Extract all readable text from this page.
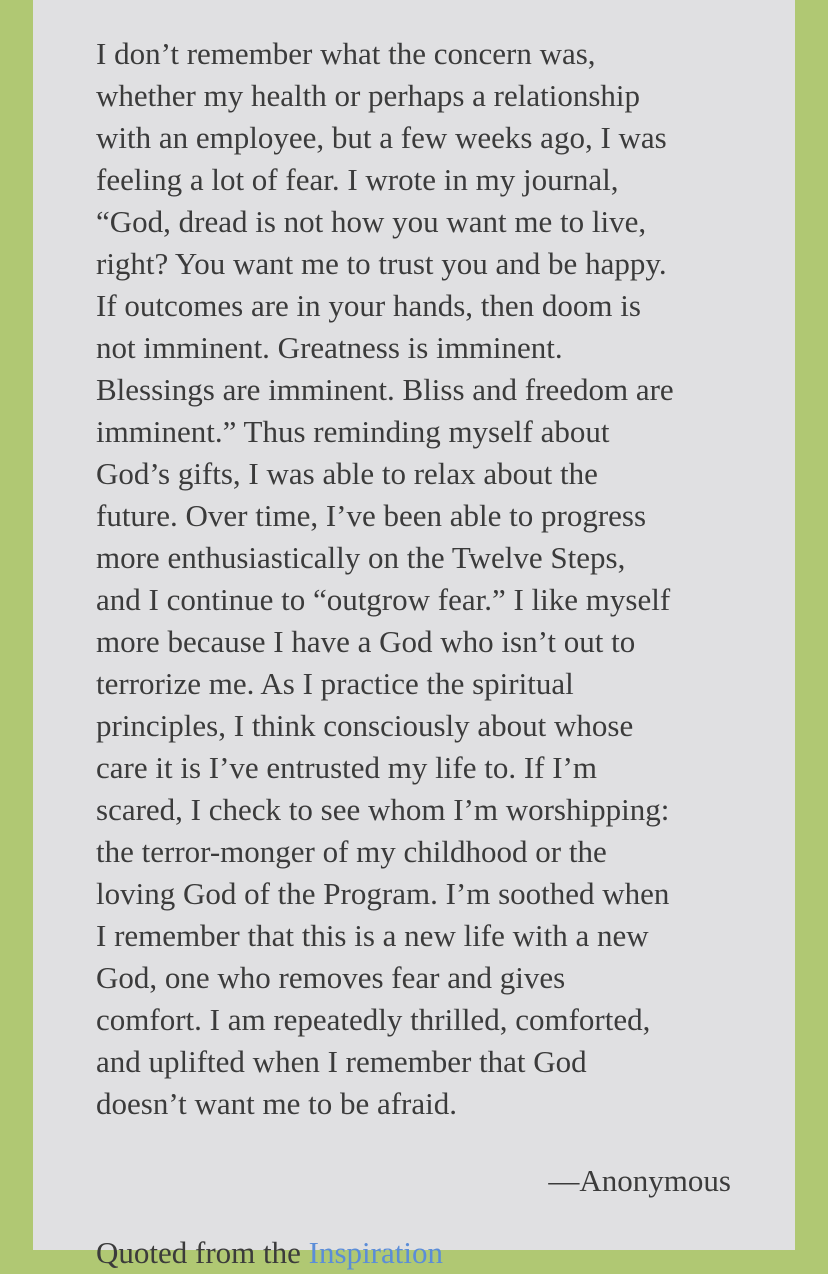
I don’t remember what the concern was,
whether my health or perhaps a relationship
with an employee, but a few weeks ago, I was
feeling a lot of fear. I wrote in my journal,
“God, dread is not how you want me to live,
right? You want me to trust you and be happy.
If outcomes are in your hands, then doom is
not imminent. Greatness is imminent.
Blessings are imminent. Bliss and freedom are
imminent.” Thus reminding myself about
God’s gifts, I was able to relax about the
future. Over time, I’ve been able to progress
more enthusiastically on the Twelve Steps,
and I continue to “outgrow fear.” I like myself
more because I have a God who isn’t out to
terrorize me. As I practice the spiritual
principles, I think consciously about whose
care it is I’ve entrusted my life to. If I’m
scared, I check to see whom I’m worshipping:
the terror-monger of my childhood or the
loving God of the Program. I’m soothed when
I remember that this is a new life with a new
God, one who removes fear and gives
comfort. I am repeatedly thrilled, comforted,
and uplifted when I remember that God
doesn’t want me to be afraid.

—Anonymous

Quoted from the Inspiration
